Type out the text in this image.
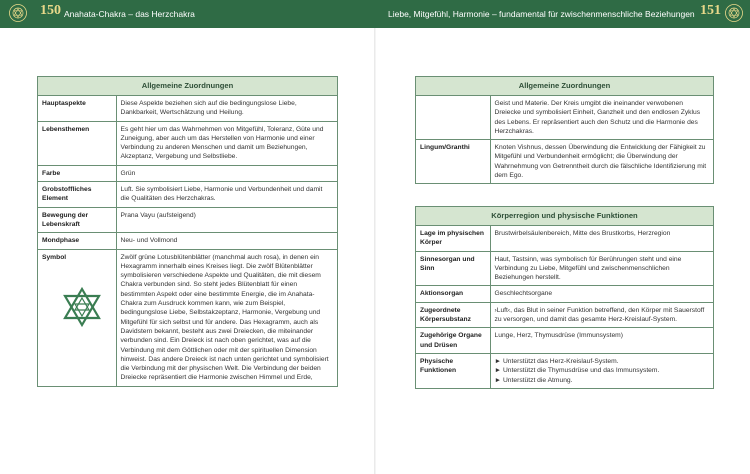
150 Anahata-Chakra – das Herzchakra	Liebe, Mitgefühl, Harmonie – fundamental für zwischenmenschliche Beziehungen 151
Allgemeine Zuordnungen
Hauptaspekte	Diese Aspekte beziehen sich auf die bedingungslose Liebe, Dankbarkeit, Wertschätzung und Heilung.
Lebensthemen	Es geht hier um das Wahrnehmen von Mitgefühl, Toleranz, Güte und Zuneigung, aber auch um das Herstellen von Harmonie und einer Verbindung zu anderen Menschen und damit um Beziehungen, Akzeptanz, Vergebung und Selbstliebe.
Farbe	Grün
Grobstoffliches Element	Luft. Sie symbolisiert Liebe, Harmonie und Verbundenheit und damit die Qualitäten des Herzchakras.
Bewegung der Lebenskraft	Prana Vayu (aufsteigend)
Mondphase	Neu- und Vollmond
Symbol	Zwölf grüne Lotusblütenblätter (manchmal auch rosa), in denen ein Hexagramm innerhalb eines Kreises liegt. Die zwölf Blütenblätter symbolisieren verschiedene Aspekte und Qualitäten, die mit diesem Chakra verbunden sind. So steht jedes Blütenblatt für einen bestimmten Aspekt oder eine bestimmte Energie, die im Anahata-Chakra zum Ausdruck kommen kann, wie zum Beispiel, bedingungslose Liebe, Selbstakzeptanz, Harmonie, Vergebung und Mitgefühl für sich selbst und für andere. Das Hexagramm, auch als Davidstern bekannt, besteht aus zwei Dreiecken, die miteinander verbunden sind. Ein Dreieck ist nach oben gerichtet, was auf die Verbindung mit dem Göttlichen oder mit der spirituellen Dimension hinweist. Das andere Dreieck ist nach unten gerichtet und symbolisiert die Verbindung mit der physischen Welt. Die Verbindung der beiden Dreiecke repräsentiert die Harmonie zwischen Himmel und Erde,
Allgemeine Zuordnungen
	Geist und Materie. Der Kreis umgibt die ineinander verwobenen Dreiecke und symbolisiert Einheit, Ganzheit und den endlosen Zyklus des Lebens. Er repräsentiert auch den Schutz und die Harmonie des Herzchakras.
Lingum/Granthi	Knoten Vishnus, dessen Überwindung die Entwicklung der Fähigkeit zu Mitgefühl und Verbundenheit ermöglicht; die Überwindung der Wahrnehmung von Getrenntheit durch die fälschliche Identifizierung mit dem Ego.
Körperregion und physische Funktionen
Lage im physischen Körper	Brustwirbelsäulenbereich, Mitte des Brustkorbs, Herzregion
Sinnesorgan und Sinn	Haut, Tastsinn, was symbolisch für Berührungen steht und eine Verbindung zu Liebe, Mitgefühl und zwischenmenschlichen Beziehungen herstellt.
Aktionsorgan	Geschlechtsorgane
Zugeordnete Körpersubstanz	›Luft‹, das Blut in seiner Funktion betreffend, den Körper mit Sauerstoff zu versorgen, und damit das gesamte Herz-Kreislauf-System.
Zugehörige Organe und Drüsen	Lunge, Herz, Thymusdrüse (Immunsystem)
Physische Funktionen	► Unterstützt das Herz-Kreislauf-System.
► Unterstützt die Thymusdrüse und das Immunsystem.
► Unterstützt die Atmung.
